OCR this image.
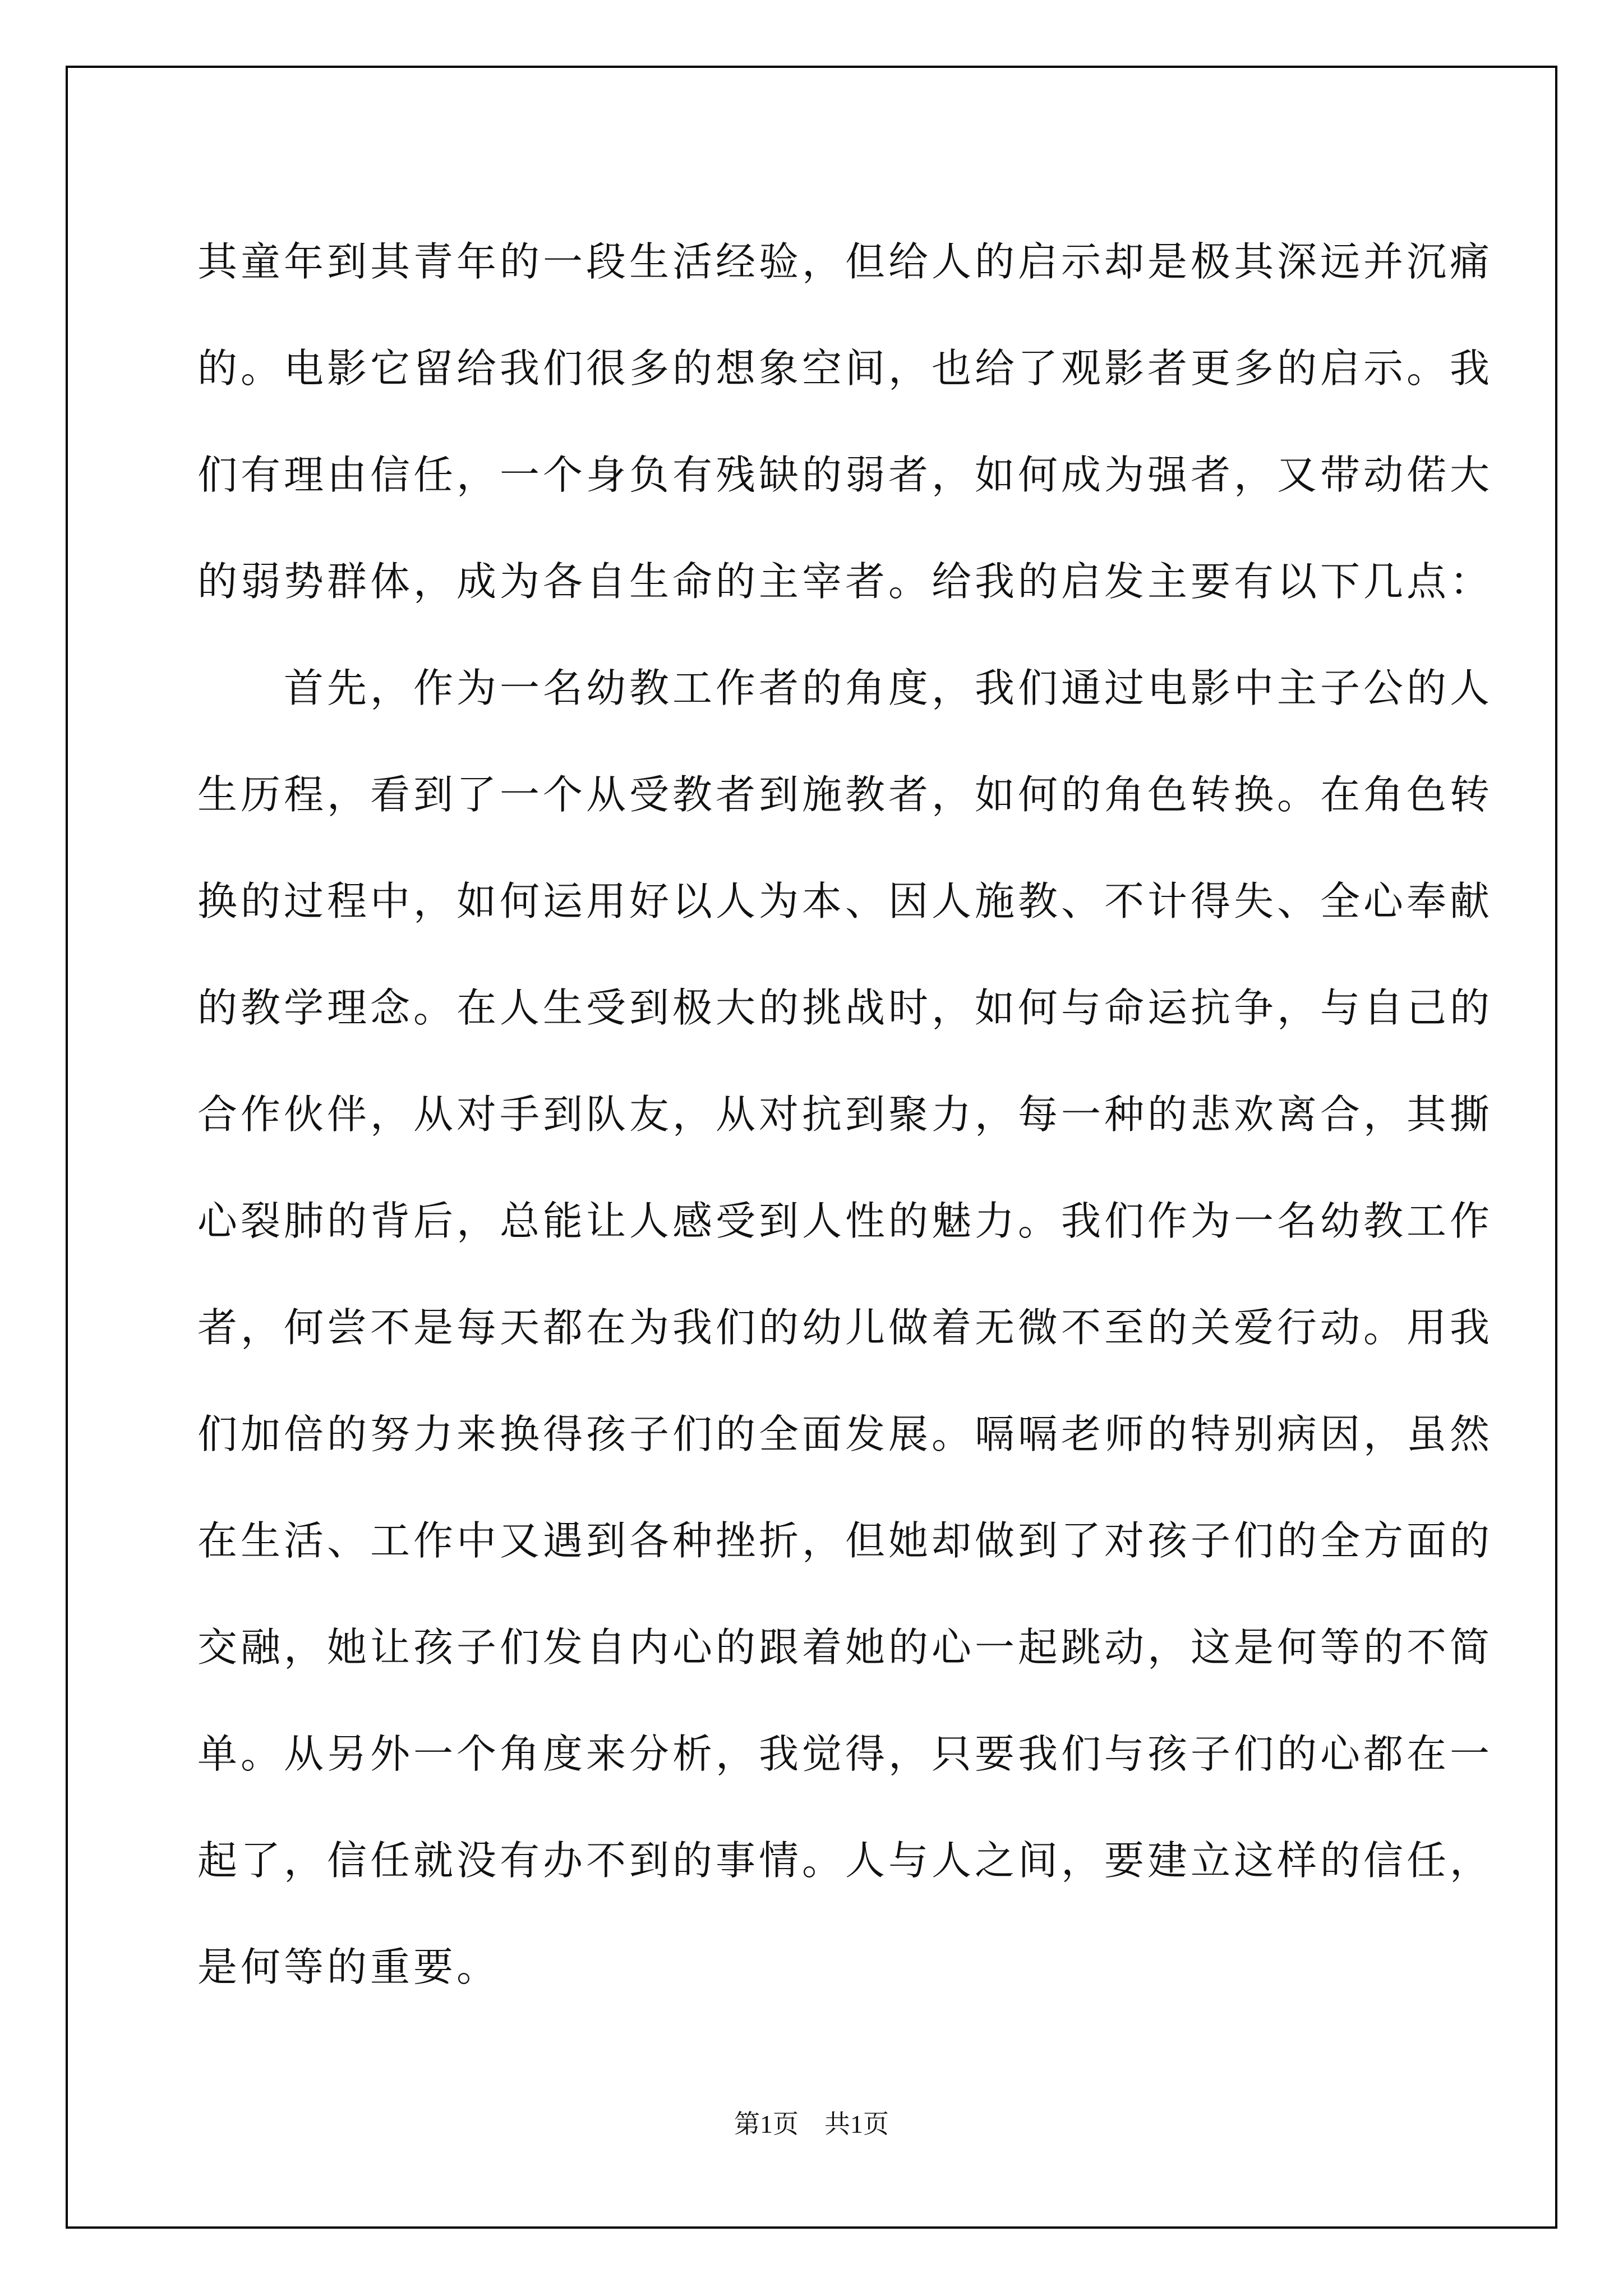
其童年到其青年的一段生活经验，但给人的启示却是极其深远并沉痛
的。电影它留给我们很多的想象空间，也给了观影者更多的启示。我
们有理由信任，一个身负有残缺的弱者，如何成为强者，又带动偌大
的弱势群体，成为各自生命的主宰者。给我的启发主要有以下几点：
　　首先，作为一名幼教工作者的角度，我们通过电影中主子公的人
生历程，看到了一个从受教者到施教者，如何的角色转换。在角色转
换的过程中，如何运用好以人为本、因人施教、不计得失、全心奉献
的教学理念。在人生受到极大的挑战时，如何与命运抗争，与自己的
合作伙伴，从对手到队友，从对抗到聚力，每一种的悲欢离合，其撕
心裂肺的背后，总能让人感受到人性的魅力。我们作为一名幼教工作
者，何尝不是每天都在为我们的幼儿做着无微不至的关爱行动。用我
们加倍的努力来换得孩子们的全面发展。嗝嗝老师的特别病因，虽然
在生活、工作中又遇到各种挫折，但她却做到了对孩子们的全方面的
交融，她让孩子们发自内心的跟着她的心一起跳动，这是何等的不简
单。从另外一个角度来分析，我觉得，只要我们与孩子们的心都在一
起了，信任就没有办不到的事情。人与人之间，要建立这样的信任，
是何等的重要。
第1页　共1页
